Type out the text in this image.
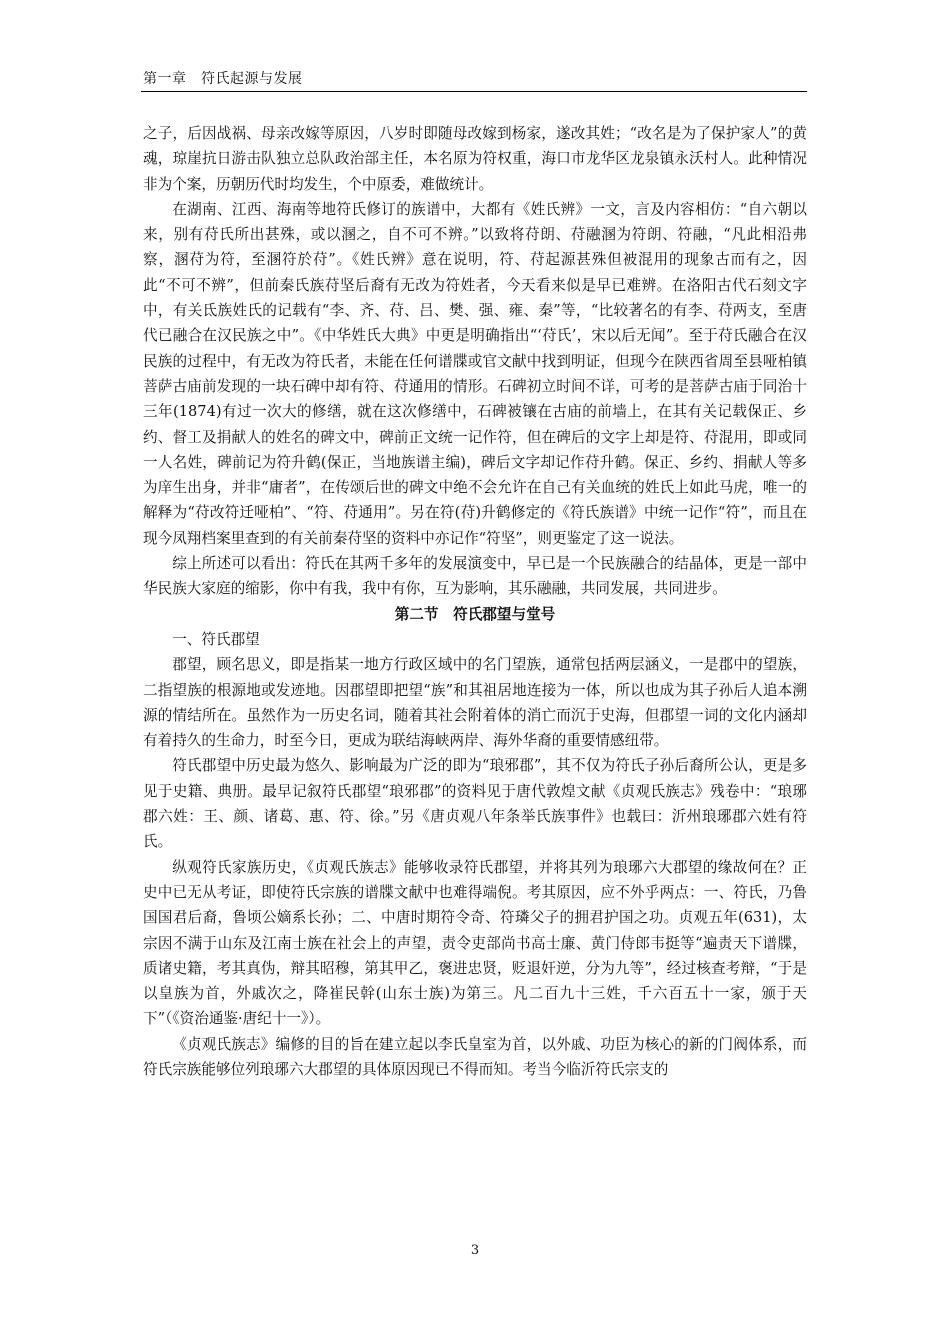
第一章　符氏起源与发展

之子，后因战祸、母亲改嫁等原因，八岁时即随母改嫁到杨家，遂改其姓；“改名是为了保护家人”的黄魂，琼崖抗日游击队独立总队政治部主任，本名原为符权重，海口市龙华区龙泉镇永沃村人。此种情况非为个案，历朝历代时均发生，个中原委，难做统计。

在湖南、江西、海南等地符氏修订的族谱中，大都有《姓氏辨》一文，言及内容相仿：“自六朝以来，别有苻氏所出甚殊，或以溷之，自不可不辨。”以致将苻朗、苻融溷为符朗、符融，“凡此相沿弗察，溷苻为符，至溷符於苻”。《姓氏辨》意在说明，符、苻起源甚殊但被混用的现象古而有之，因此“不可不辨”，但前秦氏族苻坚后裔有无改为符姓者，今天看来似是早已难辨。在洛阳古代石刻文字中，有关氐族姓氏的记载有“李、齐、苻、吕、樊、强、雍、秦”等，“比较著名的有李、苻两支，至唐代已融合在汉民族之中”。《中华姓氏大典》中更是明确指出“‘苻氏’，宋以后无闻”。至于苻氏融合在汉民族的过程中，有无改为符氏者，未能在任何谱牒或官文献中找到明证，但现今在陕西省周至县哑柏镇菩萨古庙前发现的一块石碑中却有符、苻通用的情形。石碑初立时间不详，可考的是菩萨古庙于同治十三年(1874)有过一次大的修缮，就在这次修缮中，石碑被镶在古庙的前墙上，在其有关记载保正、乡约、督工及捐献人的姓名的碑文中，碑前正文统一记作符，但在碑后的文字上却是符、苻混用，即或同一人名姓，碑前记为符升鹤(保正，当地族谱主编)，碑后文字却记作苻升鹤。保正、乡约、捐献人等多为庠生出身，并非“庸者”，在传颂后世的碑文中绝不会允许在自己有关血统的姓氏上如此马虎，唯一的解释为“苻改符迁哑柏”、“符、苻通用”。另在符(苻)升鹤修定的《符氏族谱》中统一记作“符”，而且在现今凤翔档案里查到的有关前秦苻坚的资料中亦记作“符坚”，则更鉴定了这一说法。

综上所述可以看出：符氏在其两千多年的发展演变中，早已是一个民族融合的结晶体，更是一部中华民族大家庭的缩影，你中有我，我中有你，互为影响，其乐融融，共同发展，共同进步。

第二节　符氏郡望与堂号

一、符氏郡望

郡望，顾名思义，即是指某一地方行政区域中的名门望族，通常包括两层涵义，一是郡中的望族，二指望族的根源地或发迹地。因郡望即把望“族”和其祖居地连接为一体，所以也成为其子孙后人追本溯源的情结所在。虽然作为一历史名词，随着其社会附着体的消亡而沉于史海，但郡望一词的文化内涵却有着持久的生命力，时至今日，更成为联结海峡两岸、海外华裔的重要情感纽带。

符氏郡望中历史最为悠久、影响最为广泛的即为“琅邪郡”，其不仅为符氏子孙后裔所公认，更是多见于史籍、典册。最早记叙符氏郡望“琅邪郡”的资料见于唐代敦煌文献《贞观氏族志》残卷中：“琅琊郡六姓：王、颜、诸葛、惠、符、徐。”另《唐贞观八年条举氏族事件》也载曰：沂州琅琊郡六姓有符氏。

纵观符氏家族历史，《贞观氏族志》能够收录符氏郡望，并将其列为琅琊六大郡望的缘故何在？正史中已无从考证，即使符氏宗族的谱牒文献中也难得端倪。考其原因，应不外乎两点：一、符氏，乃鲁国国君后裔，鲁顷公嫡系长孙；二、中唐时期符令奇、符璘父子的拥君护国之功。贞观五年(631)，太宗因不满于山东及江南士族在社会上的声望，责令吏部尚书高士廉、黄门侍郎韦挺等“遍责天下谱牒，质诸史籍，考其真伪，辩其昭穆，第其甲乙，褒进忠贤，贬退奸逆，分为九等”，经过核查考辩，“于是以皇族为首，外戚次之，降崔民幹(山东士族)为第三。凡二百九十三姓，千六百五十一家，颁于天下”（《资治通鉴·唐纪十一》）。

《贞观氏族志》编修的目的旨在建立起以李氏皇室为首，以外戚、功臣为核心的新的门阀体系，而符氏宗族能够位列琅琊六大郡望的具体原因现已不得而知。考当今临沂符氏宗支的

3
